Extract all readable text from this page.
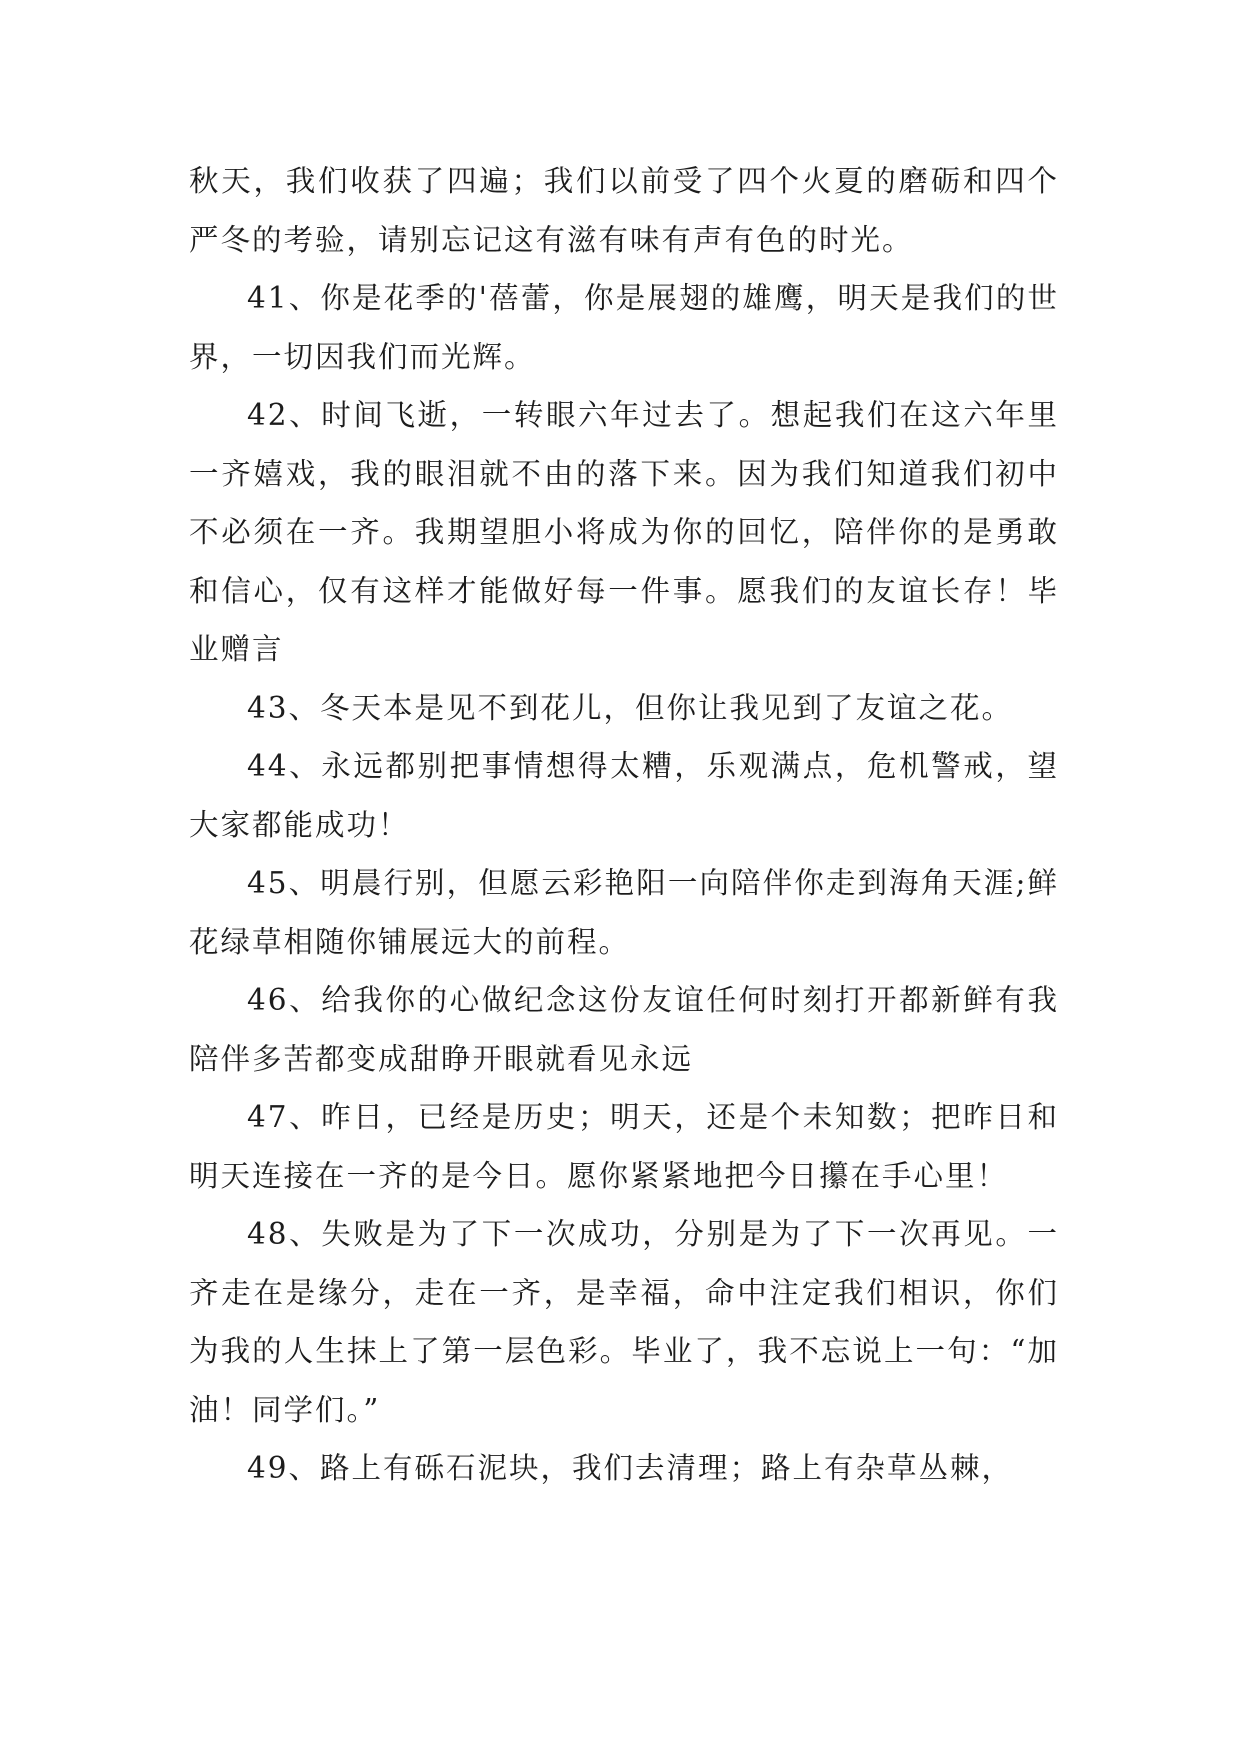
秋天，我们收获了四遍；我们以前受了四个火夏的磨砺和四个严冬的考验，请别忘记这有滋有味有声有色的时光。

41、你是花季的'蓓蕾，你是展翅的雄鹰，明天是我们的世界，一切因我们而光辉。

42、时间飞逝，一转眼六年过去了。想起我们在这六年里一齐嬉戏，我的眼泪就不由的落下来。因为我们知道我们初中不必须在一齐。我期望胆小将成为你的回忆，陪伴你的是勇敢和信心，仅有这样才能做好每一件事。愿我们的友谊长存！毕业赠言

43、冬天本是见不到花儿，但你让我见到了友谊之花。

44、永远都别把事情想得太糟，乐观满点，危机警戒，望大家都能成功！

45、明晨行别，但愿云彩艳阳一向陪伴你走到海角天涯;鲜花绿草相随你铺展远大的前程。

46、给我你的心做纪念这份友谊任何时刻打开都新鲜有我陪伴多苦都变成甜睁开眼就看见永远

47、昨日，已经是历史；明天，还是个未知数；把昨日和明天连接在一齐的是今日。愿你紧紧地把今日攥在手心里！

48、失败是为了下一次成功，分别是为了下一次再见。一齐走在是缘分，走在一齐，是幸福，命中注定我们相识，你们为我的人生抹上了第一层色彩。毕业了，我不忘说上一句：“加油！同学们。”

49、路上有砾石泥块，我们去清理；路上有杂草丛棘，
